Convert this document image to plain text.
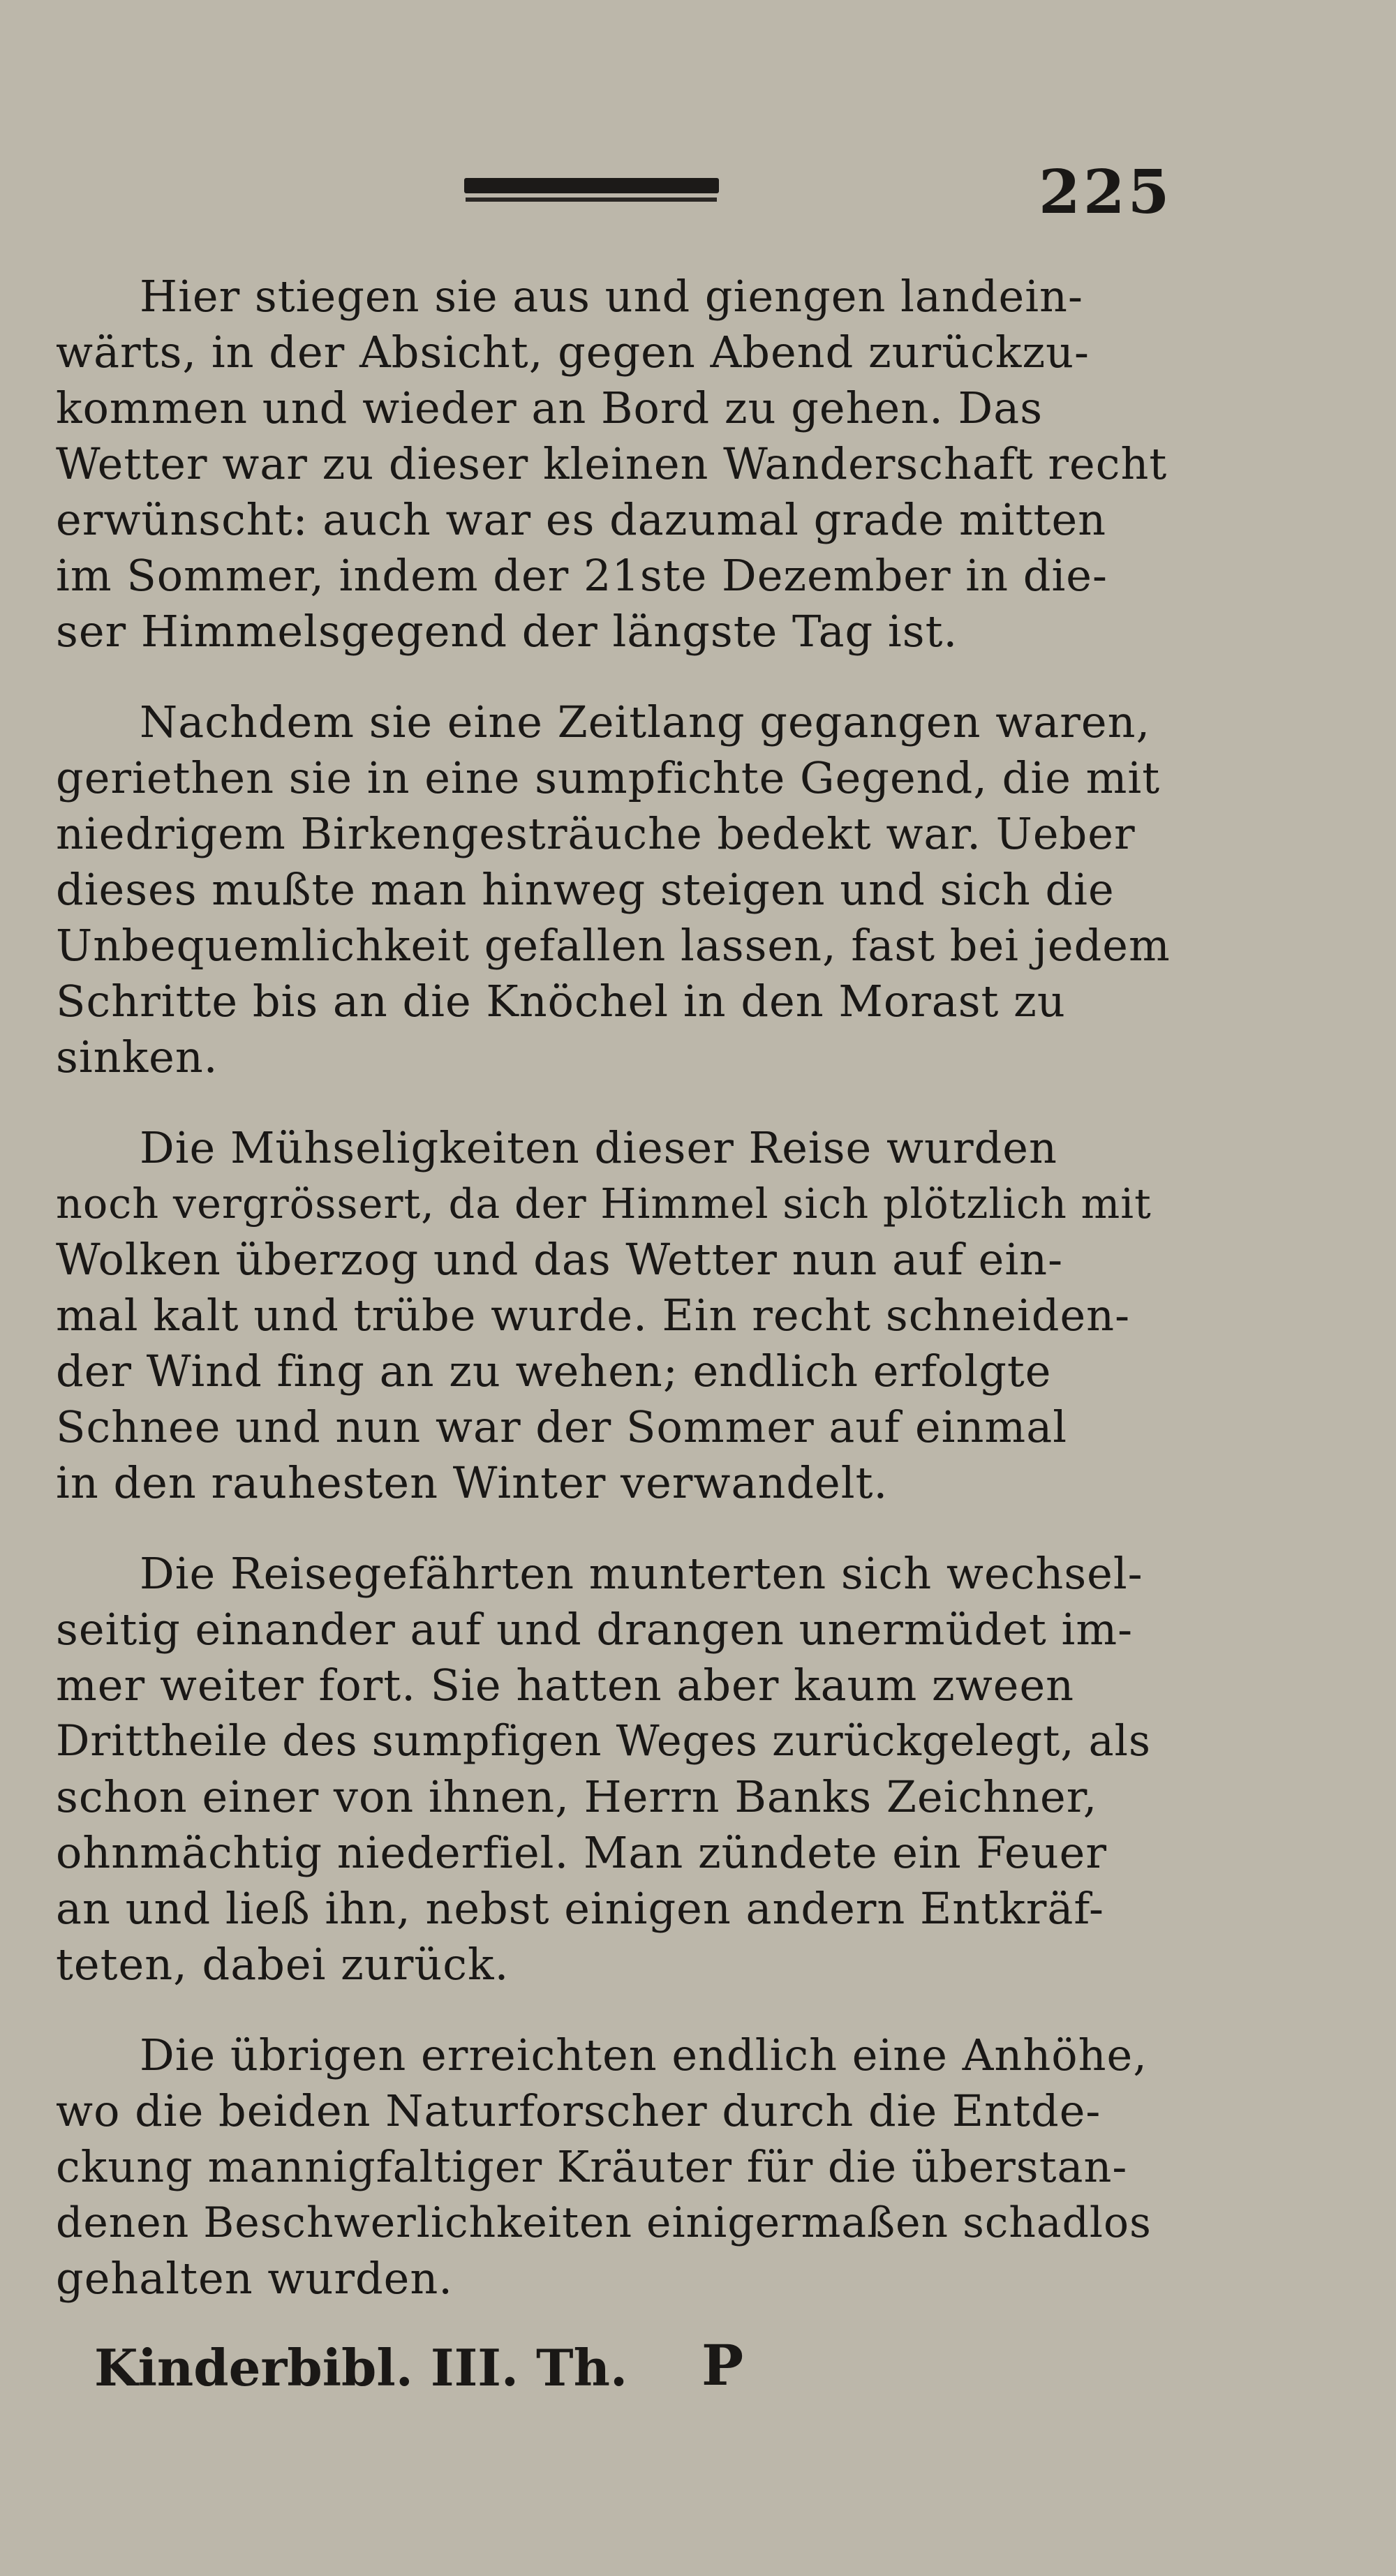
225
Hier stiegen sie aus und giengen landein-
wärts, in der Absicht, gegen Abend zurückzu-
kommen und wieder an Bord zu gehen. Das
Wetter war zu dieser kleinen Wanderschaft recht
erwünscht: auch war es dazumal grade mitten
im Sommer, indem der 21ste Dezember in die-
ser Himmelsgegend der längste Tag ist.
Nachdem sie eine Zeitlang gegangen waren,
geriethen sie in eine sumpfichte Gegend, die mit
niedrigem Birkengesträuche bedekt war. Ueber
dieses mußte man hinweg steigen und sich die
Unbequemlichkeit gefallen lassen, fast bei jedem
Schritte bis an die Knöchel in den Morast zu
sinken.
Die Mühseligkeiten dieser Reise wurden
noch vergrössert, da der Himmel sich plötzlich mit
Wolken überzog und das Wetter nun auf ein-
mal kalt und trübe wurde. Ein recht schneiden-
der Wind fing an zu wehen; endlich erfolgte
Schnee und nun war der Sommer auf einmal
in den rauhesten Winter verwandelt.
Die Reisegefährten munterten sich wechsel-
seitig einander auf und drangen unermüdet im-
mer weiter fort. Sie hatten aber kaum zween
Drittheile des sumpfigen Weges zurückgelegt, als
schon einer von ihnen, Herrn Banks Zeichner,
ohnmächtig niederfiel. Man zündete ein Feuer
an und ließ ihn, nebst einigen andern Entkräf-
teten, dabei zurück.
Die übrigen erreichten endlich eine Anhöhe,
wo die beiden Naturforscher durch die Entde-
ckung mannigfaltiger Kräuter für die überstan-
denen Beschwerlichkeiten einigermaßen schadlos
gehalten wurden.
Kinderbibl. III. Th. P
